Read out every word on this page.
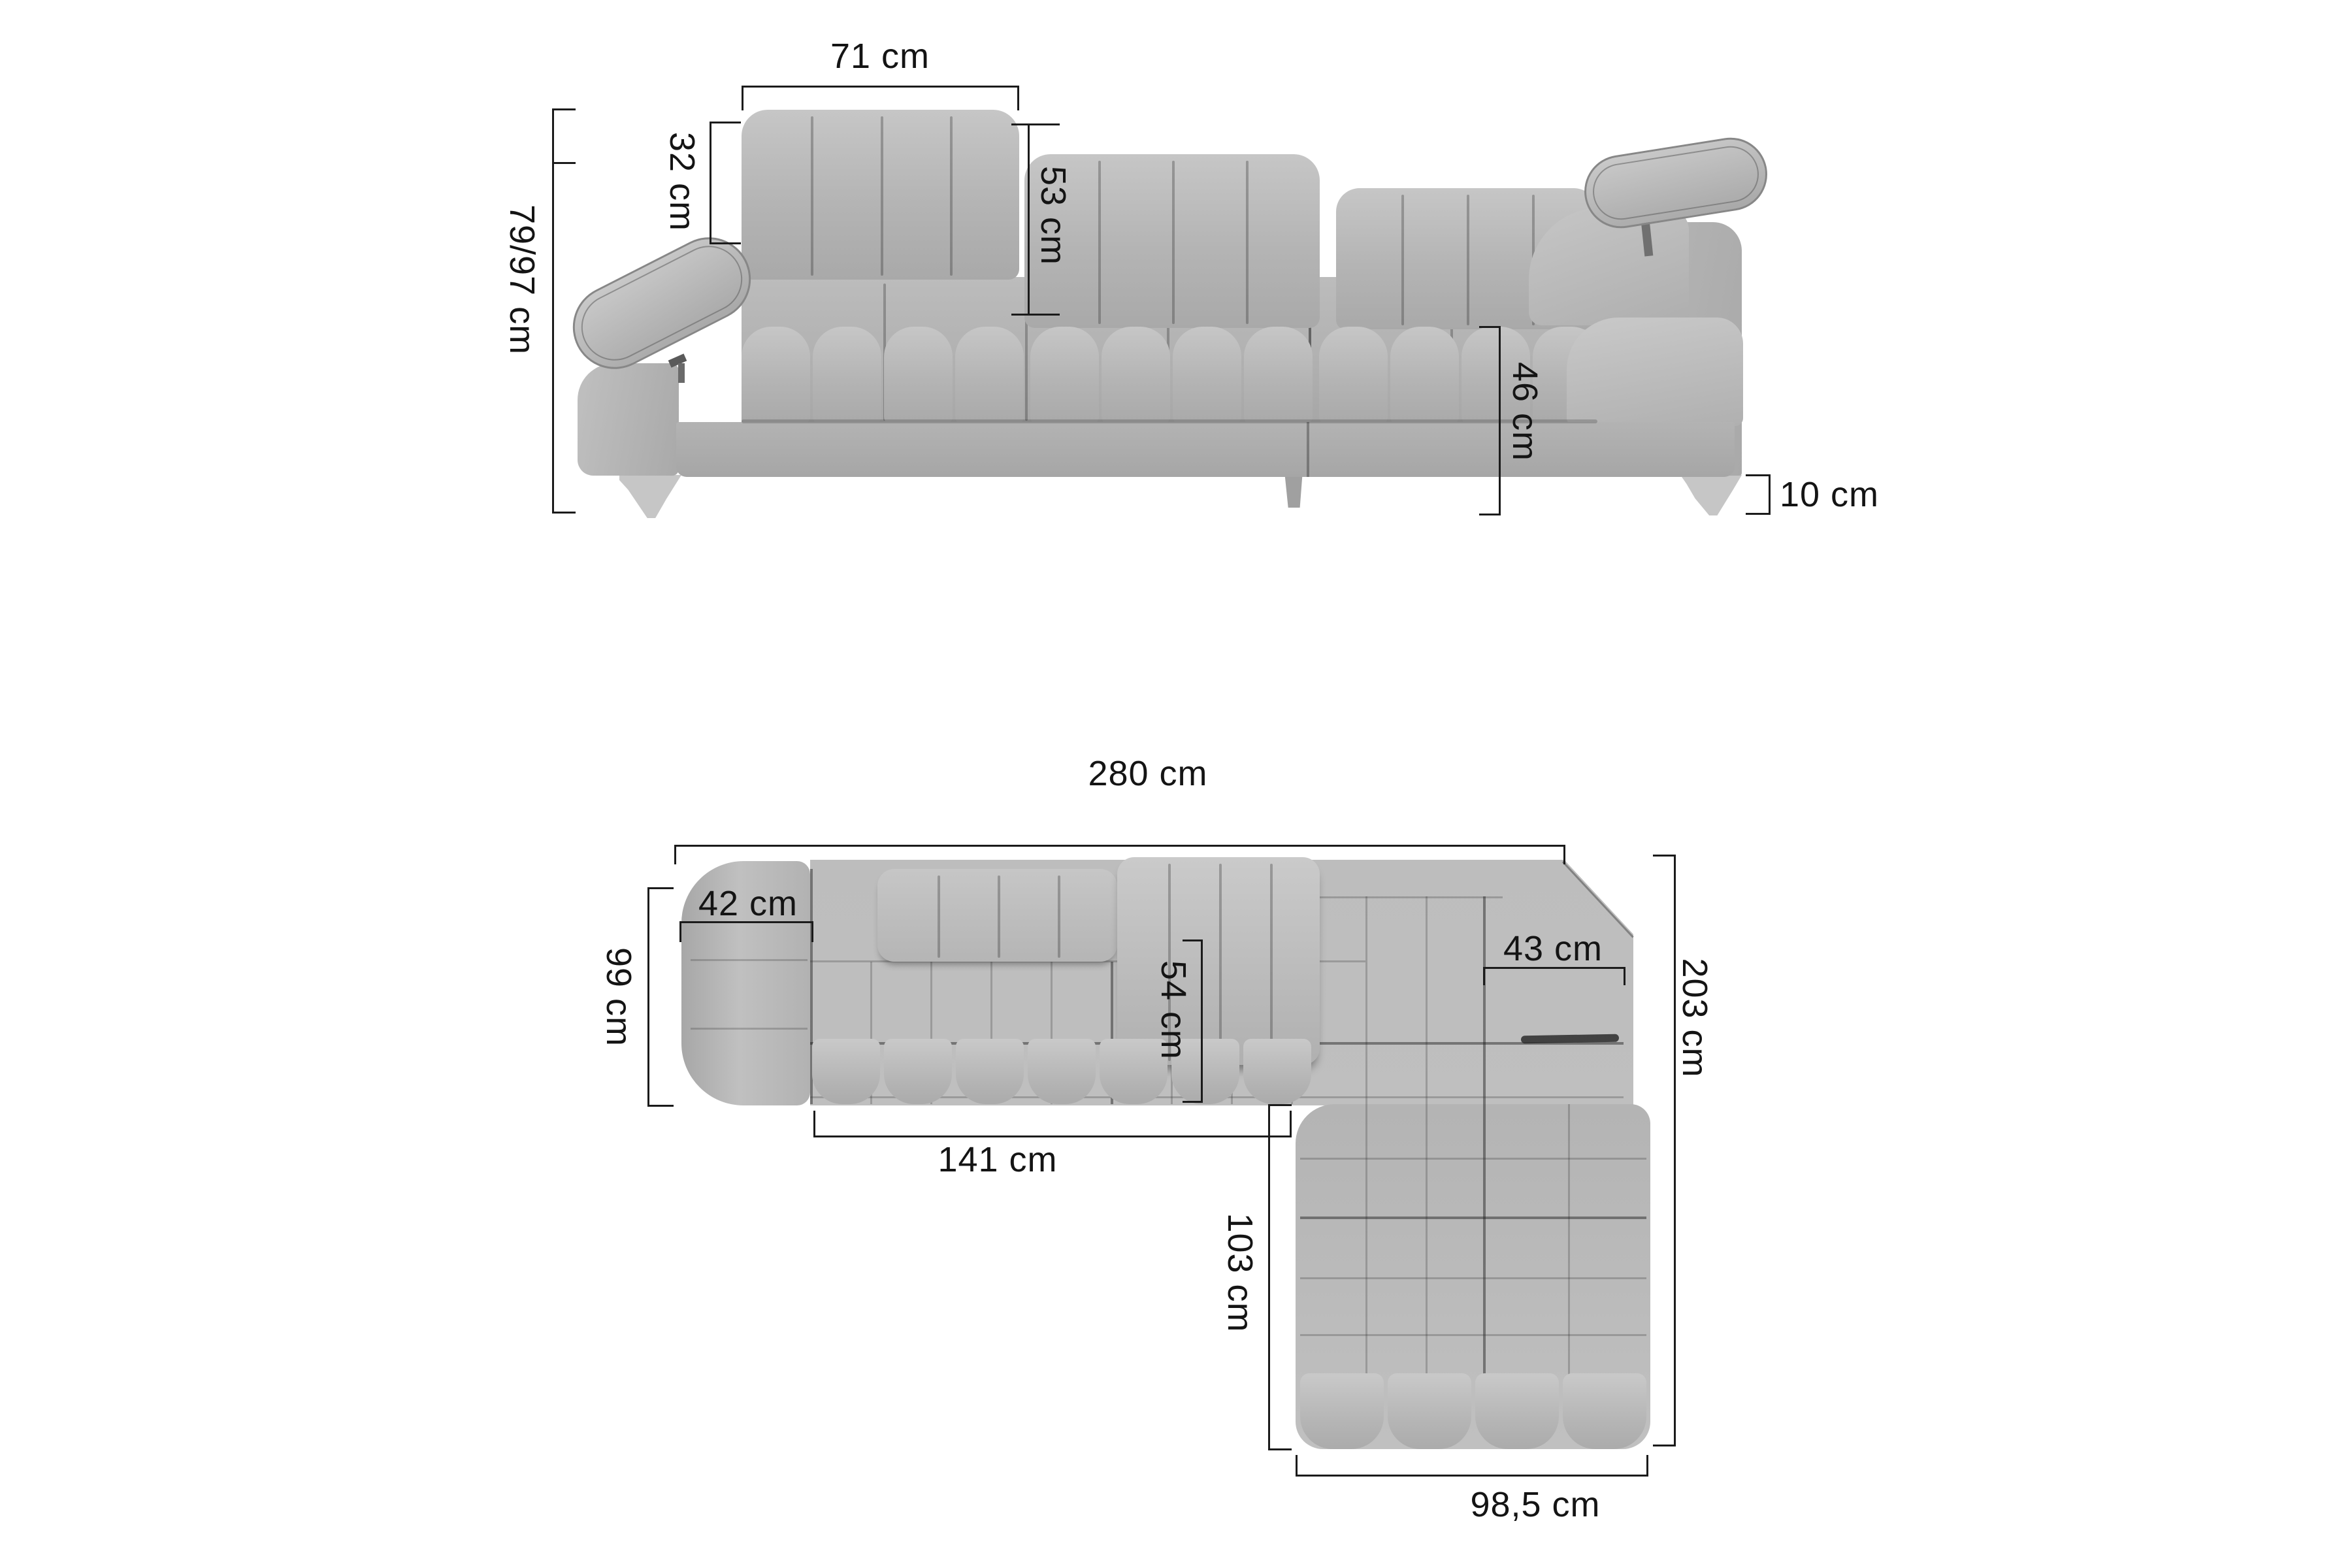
71 cm
32 cm	53 cm
79/97 cm
46 cm
10 cm
280 cm
99 cm
42 cm
54 cm
141 cm
103 cm
98,5 cm
43 cm
203 cm
